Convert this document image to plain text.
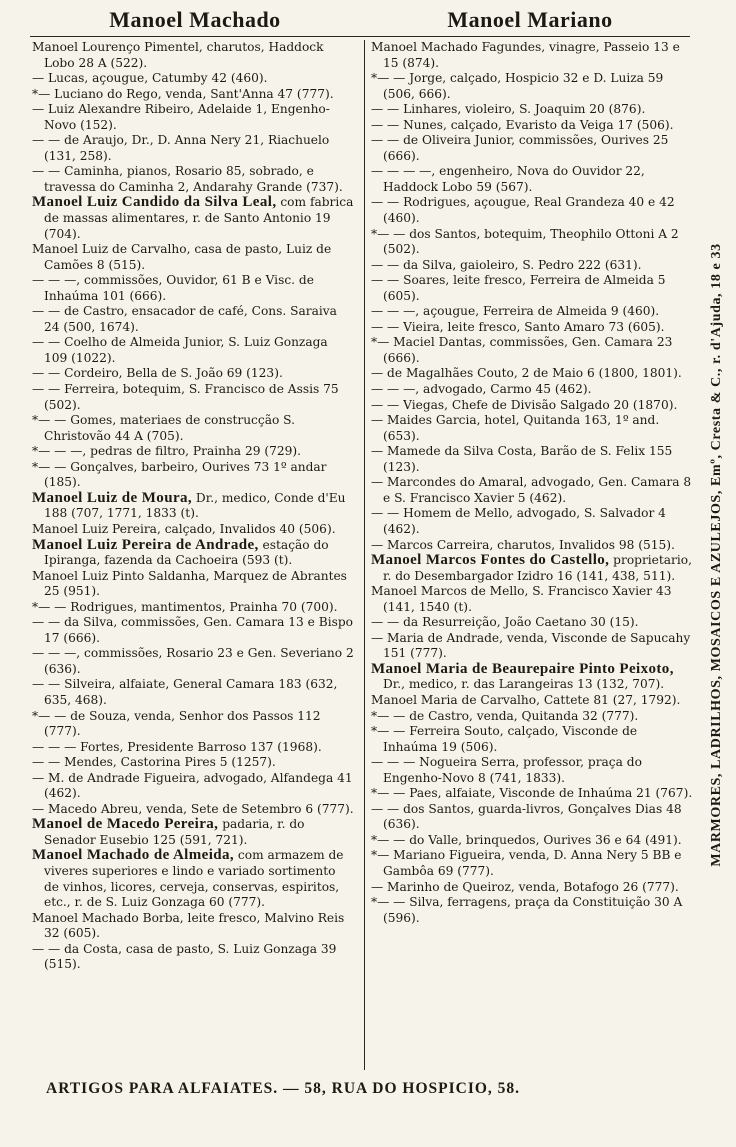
Manoel Machado	Manoel Mariano

Manoel Lourenço Pimentel, charutos, Haddock Lobo 28 A (522).

— Lucas, açougue, Catumby 42 (460).

*— Luciano do Rego, venda, Sant'Anna 47 (777).

— Luiz Alexandre Ribeiro, Adelaide 1, Engenho-Novo (152).

— — de Araujo, Dr., D. Anna Nery 21, Riachuelo (131, 258).

— — Caminha, pianos, Rosario 85, sobrado, e travessa do Caminha 2, Andarahy Grande (737).

Manoel Luiz Candido da Silva Leal, com fabrica de massas alimentares, r. de Santo Antonio 19 (704).

Manoel Luiz de Carvalho, casa de pasto, Luiz de Camões 8 (515).

— — —, commissões, Ouvidor, 61 B e Visc. de Inhaúma 101 (666).

— — de Castro, ensacador de café, Cons. Saraiva 24 (500, 1674).

— — Coelho de Almeida Junior, S. Luiz Gonzaga 109 (1022).

— — Cordeiro, Bella de S. João 69 (123).

— — Ferreira, botequim, S. Francisco de Assis 75 (502).

*— — Gomes, materiaes de construcção S. Christovão 44 A (705).

*— — —, pedras de filtro, Prainha 29 (729).

*— — Gonçalves, barbeiro, Ourives 73 1º andar (185).

Manoel Luiz de Moura, Dr., medico, Conde d'Eu 188 (707, 1771, 1833 (t).

Manoel Luiz Pereira, calçado, Invalidos 40 (506).

Manoel Luiz Pereira de Andrade, estação do Ipiranga, fazenda da Cachoeira (593 (t).

Manoel Luiz Pinto Saldanha, Marquez de Abrantes 25 (951).

*— — Rodrigues, mantimentos, Prainha 70 (700).

— — da Silva, commissões, Gen. Camara 13 e Bispo 17 (666).

— — —, commissões, Rosario 23 e Gen. Severiano 2 (636).

— — Silveira, alfaiate, General Camara 183 (632, 635, 468).

*— — de Souza, venda, Senhor dos Passos 112 (777).

— — — Fortes, Presidente Barroso 137 (1968).

— — Mendes, Castorina Pires 5 (1257).

— M. de Andrade Figueira, advogado, Alfandega 41 (462).

— Macedo Abreu, venda, Sete de Setembro 6 (777).

Manoel de Macedo Pereira, padaria, r. do Senador Eusebio 125 (591, 721).

Manoel Machado de Almeida, com armazem de viveres superiores e lindo e variado sortimento de vinhos, licores, cerveja, conservas, espiritos, etc., r. de S. Luiz Gonzaga 60 (777).

Manoel Machado Borba, leite fresco, Malvino Reis 32 (605).

— — da Costa, casa de pasto, S. Luiz Gonzaga 39 (515).

Manoel Machado Fagundes, vinagre, Passeio 13 e 15 (874).

*— — Jorge, calçado, Hospicio 32 e D. Luiza 59 (506, 666).

— — Linhares, violeiro, S. Joaquim 20 (876).

— — Nunes, calçado, Evaristo da Veiga 17 (506).

— — de Oliveira Junior, commissões, Ourives 25 (666).

— — — —, engenheiro, Nova do Ouvidor 22, Haddock Lobo 59 (567).

— — Rodrigues, açougue, Real Grandeza 40 e 42 (460).

*— — dos Santos, botequim, Theophilo Ottoni A 2 (502).

— — da Silva, gaioleiro, S. Pedro 222 (631).

— — Soares, leite fresco, Ferreira de Almeida 5 (605).

— — —, açougue, Ferreira de Almeida 9 (460).

— — Vieira, leite fresco, Santo Amaro 73 (605).

*— Maciel Dantas, commissões, Gen. Camara 23 (666).

— de Magalhães Couto, 2 de Maio 6 (1800, 1801).

— — —, advogado, Carmo 45 (462).

— — Viegas, Chefe de Divisão Salgado 20 (1870).

— Maides Garcia, hotel, Quitanda 163, 1º and. (653).

— Mamede da Silva Costa, Barão de S. Felix 155 (123).

— Marcondes do Amaral, advogado, Gen. Camara 8 e S. Francisco Xavier 5 (462).

— — Homem de Mello, advogado, S. Salvador 4 (462).

— Marcos Carreira, charutos, Invalidos 98 (515).

Manoel Marcos Fontes do Castello, proprietario, r. do Desembargador Izidro 16 (141, 438, 511).

Manoel Marcos de Mello, S. Francisco Xavier 43 (141, 1540 (t).

— — da Resurreição, João Caetano 30 (15).

— Maria de Andrade, venda, Visconde de Sapucahy 151 (777).

Manoel Maria de Beaurepaire Pinto Peixoto, Dr., medico, r. das Larangeiras 13 (132, 707).

Manoel Maria de Carvalho, Cattete 81 (27, 1792).

*— — de Castro, venda, Quitanda 32 (777).

*— — Ferreira Souto, calçado, Visconde de Inhaúma 19 (506).

— — — Nogueira Serra, professor, praça do Engenho-Novo 8 (741, 1833).

*— — Paes, alfaiate, Visconde de Inhaúma 21 (767).

— — dos Santos, guarda-livros, Gonçalves Dias 48 (636).

*— — do Valle, brinquedos, Ourives 36 e 64 (491).

*— Mariano Figueira, venda, D. Anna Nery 5 BB e Gambôa 69 (777).

— Marinho de Queiroz, venda, Botafogo 26 (777).

*— — Silva, ferragens, praça da Constituição 30 A (596).

MARMORES, LADRILHOS, MOSAICOS E AZULEJOS, Emº, Cresta & C., r. d'Ajuda, 18 e 33
ARTIGOS PARA ALFAIATES. — 58, RUA DO HOSPICIO, 58.
